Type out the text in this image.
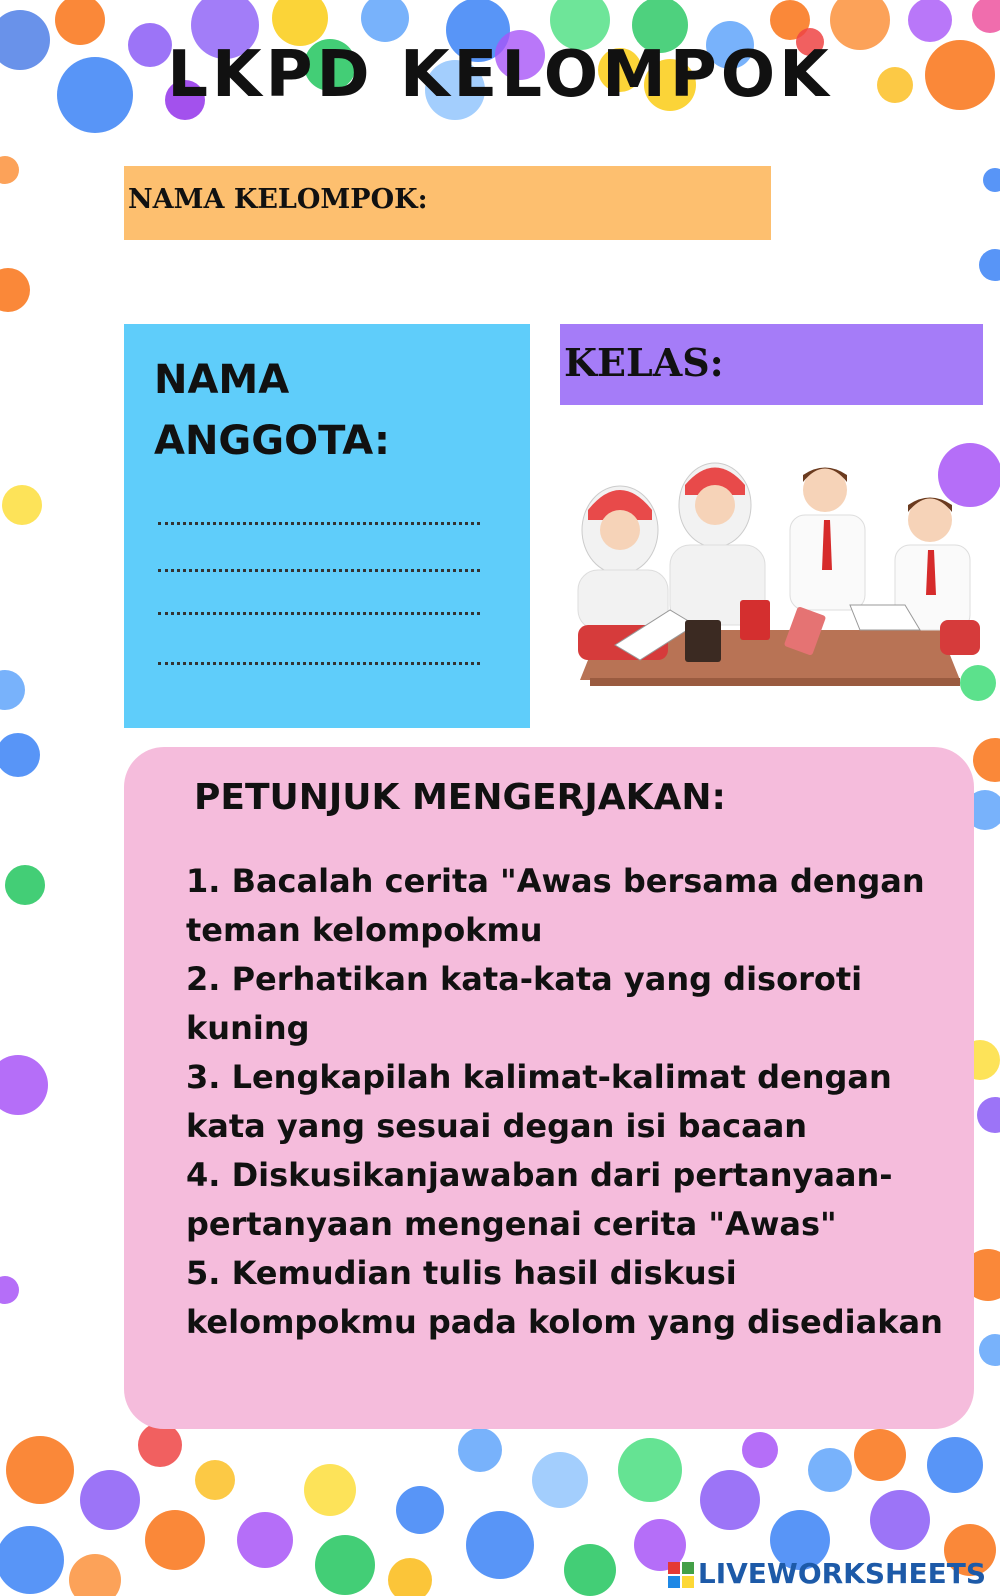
LKPD KELOMPOK
NAMA KELOMPOK:
NAMA
ANGGOTA:
KELAS:
PETUNJUK MENGERJAKAN:
1. Bacalah cerita "Awas bersama dengan teman kelompokmu
2. Perhatikan kata-kata yang disoroti kuning
3. Lengkapilah kalimat-kalimat dengan kata yang sesuai degan isi bacaan
4. Diskusikanjawaban dari pertanyaan-pertanyaan mengenai cerita "Awas"
5. Kemudian tulis hasil diskusi kelompokmu pada kolom yang disediakan
LIVEWORKSHEETS
